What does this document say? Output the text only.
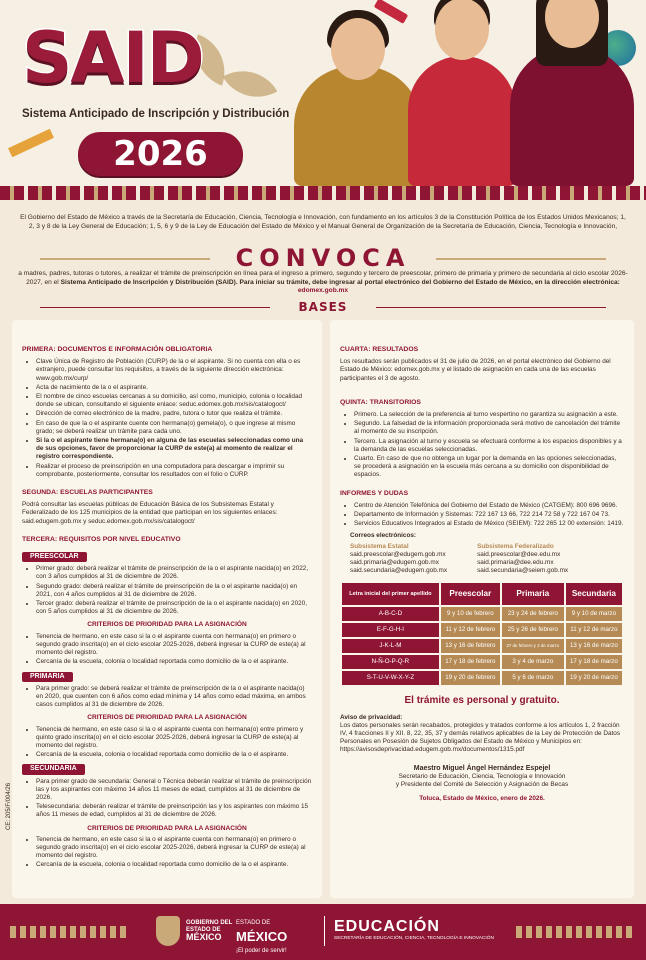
SAID
Sistema Anticipado de Inscripción y Distribución
2026
El Gobierno del Estado de México a través de la Secretaría de Educación, Ciencia, Tecnología e Innovación, con fundamento en los artículos 3 de la Constitución Política de los Estados Unidos Mexicanos; 1, 2, 3 y 8 de la Ley General de Educación; 1, 5, 6 y 9 de la Ley de Educación del Estado de México y el Manual General de Organización de la Secretaría de Educación, Ciencia, Tecnología e Innovación,
CONVOCA
a madres, padres, tutoras o tutores, a realizar el trámite de preinscripción en línea para el ingreso a primero, segundo y tercero de preescolar, primero de primaria y primero de secundaria al ciclo escolar 2026-2027, en el Sistema Anticipado de Inscripción y Distribución (SAID). Para iniciar su trámite, debe ingresar al portal electrónico del Gobierno del Estado de México, en la dirección electrónica: edomex.gob.mx
BASES
PRIMERA: DOCUMENTOS E INFORMACIÓN OBLIGATORIA
• Clave Única de Registro de Población (CURP) de la o el aspirante. Si no cuenta con ella o es extranjero, puede consultar los requisitos, a través de la siguiente dirección electrónica: www.gob.mx/curp/
• Acta de nacimiento de la o el aspirante.
• El nombre de cinco escuelas cercanas a su domicilio, así como, municipio, colonia o localidad donde se ubican, consultando el siguiente enlace: seduc.edomex.gob.mx/sis/catalogoct/
• Dirección de correo electrónico de la madre, padre, tutora o tutor que realiza el trámite.
• En caso de que la o el aspirante cuente con hermana(o) gemela(o), o que ingrese al mismo grado; se deberá realizar un trámite para cada uno.
• Si la o el aspirante tiene hermana(o) en alguna de las escuelas seleccionadas como una de sus opciones, favor de proporcionar la CURP de este(a) al momento de realizar el registro correspondiente.
• Realizar el proceso de preinscripción en una computadora para descargar e imprimir su comprobante, posteriormente, consultar los resultados con el folio o CURP.
SEGUNDA: ESCUELAS PARTICIPANTES

Podrá consultar las escuelas públicas de Educación Básica de los Subsistemas Estatal y Federalizado de los 125 municipios de la entidad que participan en los siguientes enlaces: said.edugem.gob.mx y seduc.edomex.gob.mx/sis/catalogoct/

TERCERA: REQUISITOS POR NIVEL EDUCATIVO
PREESCOLAR
• Primer grado: deberá realizar el trámite de preinscripción de la o el aspirante nacida(o) en 2022, con 3 años cumplidos al 31 de diciembre de 2026.
• Segundo grado: deberá realizar el trámite de preinscripción de la o el aspirante nacida(o) en 2021, con 4 años cumplidos al 31 de diciembre de 2026.
• Tercer grado: deberá realizar el trámite de preinscripción de la o el aspirante nacida(o) en 2020, con 5 años cumplidos al 31 de diciembre de 2026.
CRITERIOS DE PRIORIDAD PARA LA ASIGNACIÓN
• Tenencia de hermano, en este caso si la o el aspirante cuenta con hermana(o) en primero o segundo grado inscrita(o) en el ciclo escolar 2025-2026, deberá ingresar la CURP de este(a) al momento del registro.
• Cercanía de la escuela, colonia o localidad reportada como domicilio de la o el aspirante.
PRIMARIA
• Para primer grado: se deberá realizar el trámite de preinscripción de la o el aspirante nacida(o) en 2020, que cuenten con 6 años como edad mínima y 14 años como edad máxima, en ambos casos cumplidos al 31 de diciembre de 2026.
CRITERIOS DE PRIORIDAD PARA LA ASIGNACIÓN
• Tenencia de hermano, en este caso si la o el aspirante cuenta con hermana(o) entre primero y quinto grado inscrita(o) en el ciclo escolar 2025-2026, deberá ingresar la CURP de este(a) al momento del registro.
• Cercanía de la escuela, colonia o localidad reportada como domicilio de la o el aspirante.
SECUNDARIA
• Para primer grado de secundaria: General o Técnica deberán realizar el trámite de preinscripción las y los aspirantes con máximo 14 años 11 meses de edad, cumplidos al 31 de diciembre de 2026.
• Telesecundaria: deberán realizar el trámite de preinscripción las y los aspirantes con máximo 15 años 11 meses de edad, cumplidos al 31 de diciembre de 2026.
CRITERIOS DE PRIORIDAD PARA LA ASIGNACIÓN
• Tenencia de hermano, en este caso si la o el aspirante cuenta con hermana(o) en primero o segundo grado inscrita(o) en el ciclo escolar 2025-2026, deberá ingresar la CURP de este(a) al momento del registro.
• Cercanía de la escuela, colonia o localidad reportada como domicilio de la o el aspirante.
CE: 205/F/004/26
CUARTA: RESULTADOS

Los resultados serán publicados el 31 de julio de 2026, en el portal electrónico del Gobierno del Estado de México: edomex.gob.mx y el listado de asignación en cada una de las escuelas participantes el 3 de agosto.

QUINTA: TRANSITORIOS
• Primero. La selección de la preferencia al turno vespertino no garantiza su asignación a este.
• Segundo. La falsedad de la información proporcionada será motivo de cancelación del trámite al momento de su inscripción.
• Tercero. La asignación al turno y escuela se efectuará conforme a los espacios disponibles y a la demanda de las escuelas seleccionadas.
• Cuarto. En caso de que no obtenga un lugar por la demanda en las opciones seleccionadas, se procederá a asignación en la escuela más cercana a su domicilio con disponibilidad de espacios.
INFORMES Y DUDAS
• Centro de Atención Telefónica del Gobierno del Estado de México (CATGEM): 800 696 9696.
• Departamento de Información y Sistemas: 722 167 13 66, 722 214 72 58 y 722 167 04 73.
• Servicios Educativos Integrados al Estado de México (SEIEM): 722 265 12 00 extensión: 1419.
Correos electrónicos:
Subsistema Estatal
said.preescolar@edugem.gob.mx
said.primaria@edugem.gob.mx
said.secundaria@edugem.gob.mx
Subsistema Federalizado
said.preescolar@dee.edu.mx
said.primaria@dee.edu.mx
said.secundaria@seiem.gob.mx
Letra inicial del primer apellido	Preescolar	Primaria	Secundaria
A-B-C-D	9 y 10 de febrero	23 y 24 de febrero	9 y 10 de marzo
E-F-G-H-I	11 y 12 de febrero	25 y 26 de febrero	11 y 12 de marzo
J-K-L-M	13 y 16 de febrero	27 de febrero y 2 de marzo	13 y 16 de marzo
N-Ñ-O-P-Q-R	17 y 18 de febrero	3 y 4 de marzo	17 y 18 de marzo
S-T-U-V-W-X-Y-Z	19 y 20 de febrero	5 y 6 de marzo	19 y 20 de marzo
El trámite es personal y gratuito.
Aviso de privacidad:

Los datos personales serán recabados, protegidos y tratados conforme a los artículos 1, 2 fracción IV, 4 fracciones II y XII. 8, 22, 35, 37 y demás relativos aplicables de la Ley de Protección de Datos Personales en Posesión de Sujetos Obligados del Estado de México y Municipios en: https://avisosdeprivacidad.edugem.gob.mx/documentos/1315.pdf

Maestro Miguel Ángel Hernández Espejel
Secretario de Educación, Ciencia, Tecnología e Innovación
y Presidente del Comité de Selección y Asignación de Becas
Toluca, Estado de México, enero de 2026.
GOBIERNO DEL
ESTADO DE
MÉXICO
ESTADO DE
MÉXICO
¡El poder de servir!
EDUCACIÓN
SECRETARÍA DE EDUCACIÓN, CIENCIA, TECNOLOGÍA E INNOVACIÓN
